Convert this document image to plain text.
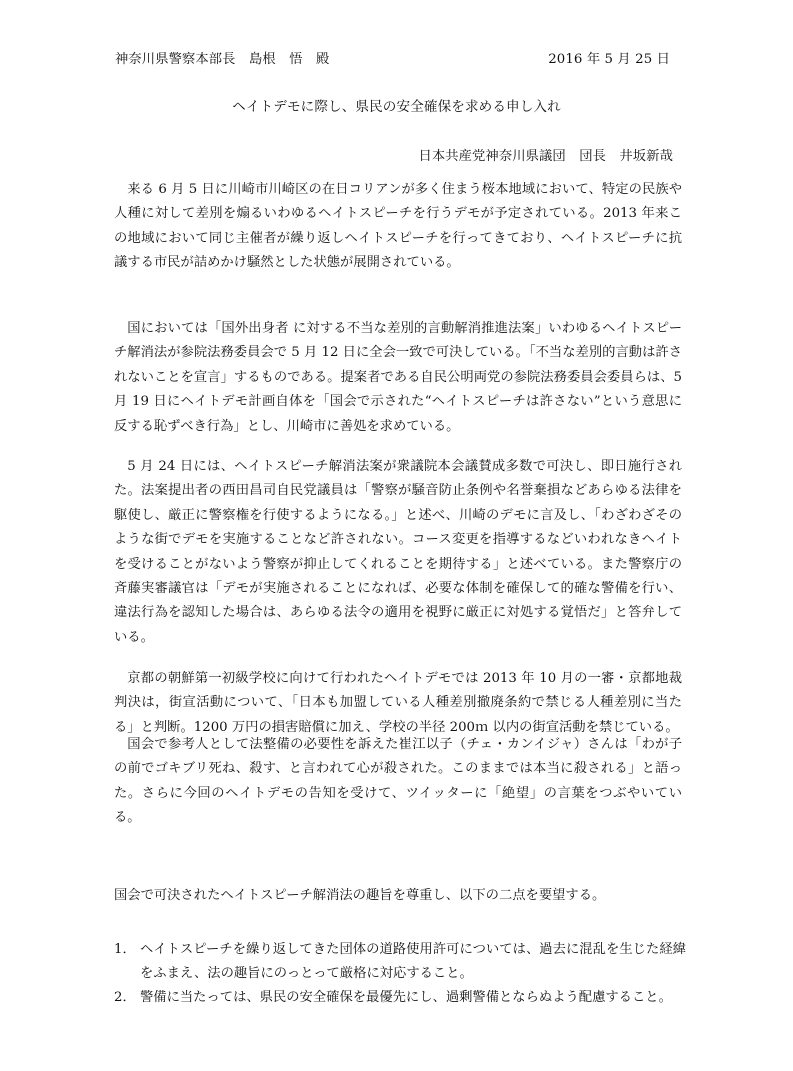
神奈川県警察本部長　島根　悟　殿	2016 年 5 月 25 日
ヘイトデモに際し、県民の安全確保を求める申し入れ
日本共産党神奈川県議団　団長　井坂新哉
来る 6 月 5 日に川崎市川崎区の在日コリアンが多く住まう桜本地域において、特定の民族や人種に対して差別を煽るいわゆるヘイトスピーチを行うデモが予定されている。2013 年来この地域において同じ主催者が繰り返しヘイトスピーチを行ってきており、ヘイトスピーチに抗議する市民が詰めかけ騒然とした状態が展開されている。
国においては「国外出身者 に対する不当な差別的言動解消推進法案」いわゆるヘイトスピーチ解消法が参院法務委員会で 5 月 12 日に全会一致で可決している。「不当な差別的言動は許されないことを宣言」するものである。提案者である自民公明両党の参院法務委員会委員らは、5 月 19 日にヘイトデモ計画自体を「国会で示された“ヘイトスピーチは許さない”という意思に反する恥ずべき行為」とし、川崎市に善処を求めている。
5 月 24 日には、ヘイトスピーチ解消法案が衆議院本会議賛成多数で可決し、即日施行された。法案提出者の西田昌司自民党議員は「警察が騒音防止条例や名誉棄損などあらゆる法律を駆使し、厳正に警察権を行使するようになる。」と述べ、川崎のデモに言及し、「わざわざそのような街でデモを実施することなど許されない。コース変更を指導するなどいわれなきヘイトを受けることがないよう警察が抑止してくれることを期待する」と述べている。また警察庁の斉藤実審議官は「デモが実施されることになれば、必要な体制を確保して的確な警備を行い、違法行為を認知した場合は、あらゆる法令の適用を視野に厳正に対処する覚悟だ」と答弁している。
京都の朝鮮第一初級学校に向けて行われたヘイトデモでは 2013 年 10 月の一審・京都地裁判決は，街宣活動について、「日本も加盟している人種差別撤廃条約で禁じる人種差別に当たる」と判断。1200 万円の損害賠償に加え、学校の半径 200ｍ 以内の街宣活動を禁じている。
国会で参考人として法整備の必要性を訴えた崔江以子（チェ・カンイジャ）さんは「わが子の前でゴキブリ死ね、殺す、と言われて心が殺された。このままでは本当に殺される」と語った。さらに今回のヘイトデモの告知を受けて、ツイッターに「絶望」の言葉をつぶやいている。
国会で可決されたヘイトスピーチ解消法の趣旨を尊重し、以下の二点を要望する。
1． ヘイトスピーチを繰り返してきた団体の道路使用許可については、過去に混乱を生じた経緯をふまえ、法の趣旨にのっとって厳格に対応すること。
2． 警備に当たっては、県民の安全確保を最優先にし、過剰警備とならぬよう配慮すること。
